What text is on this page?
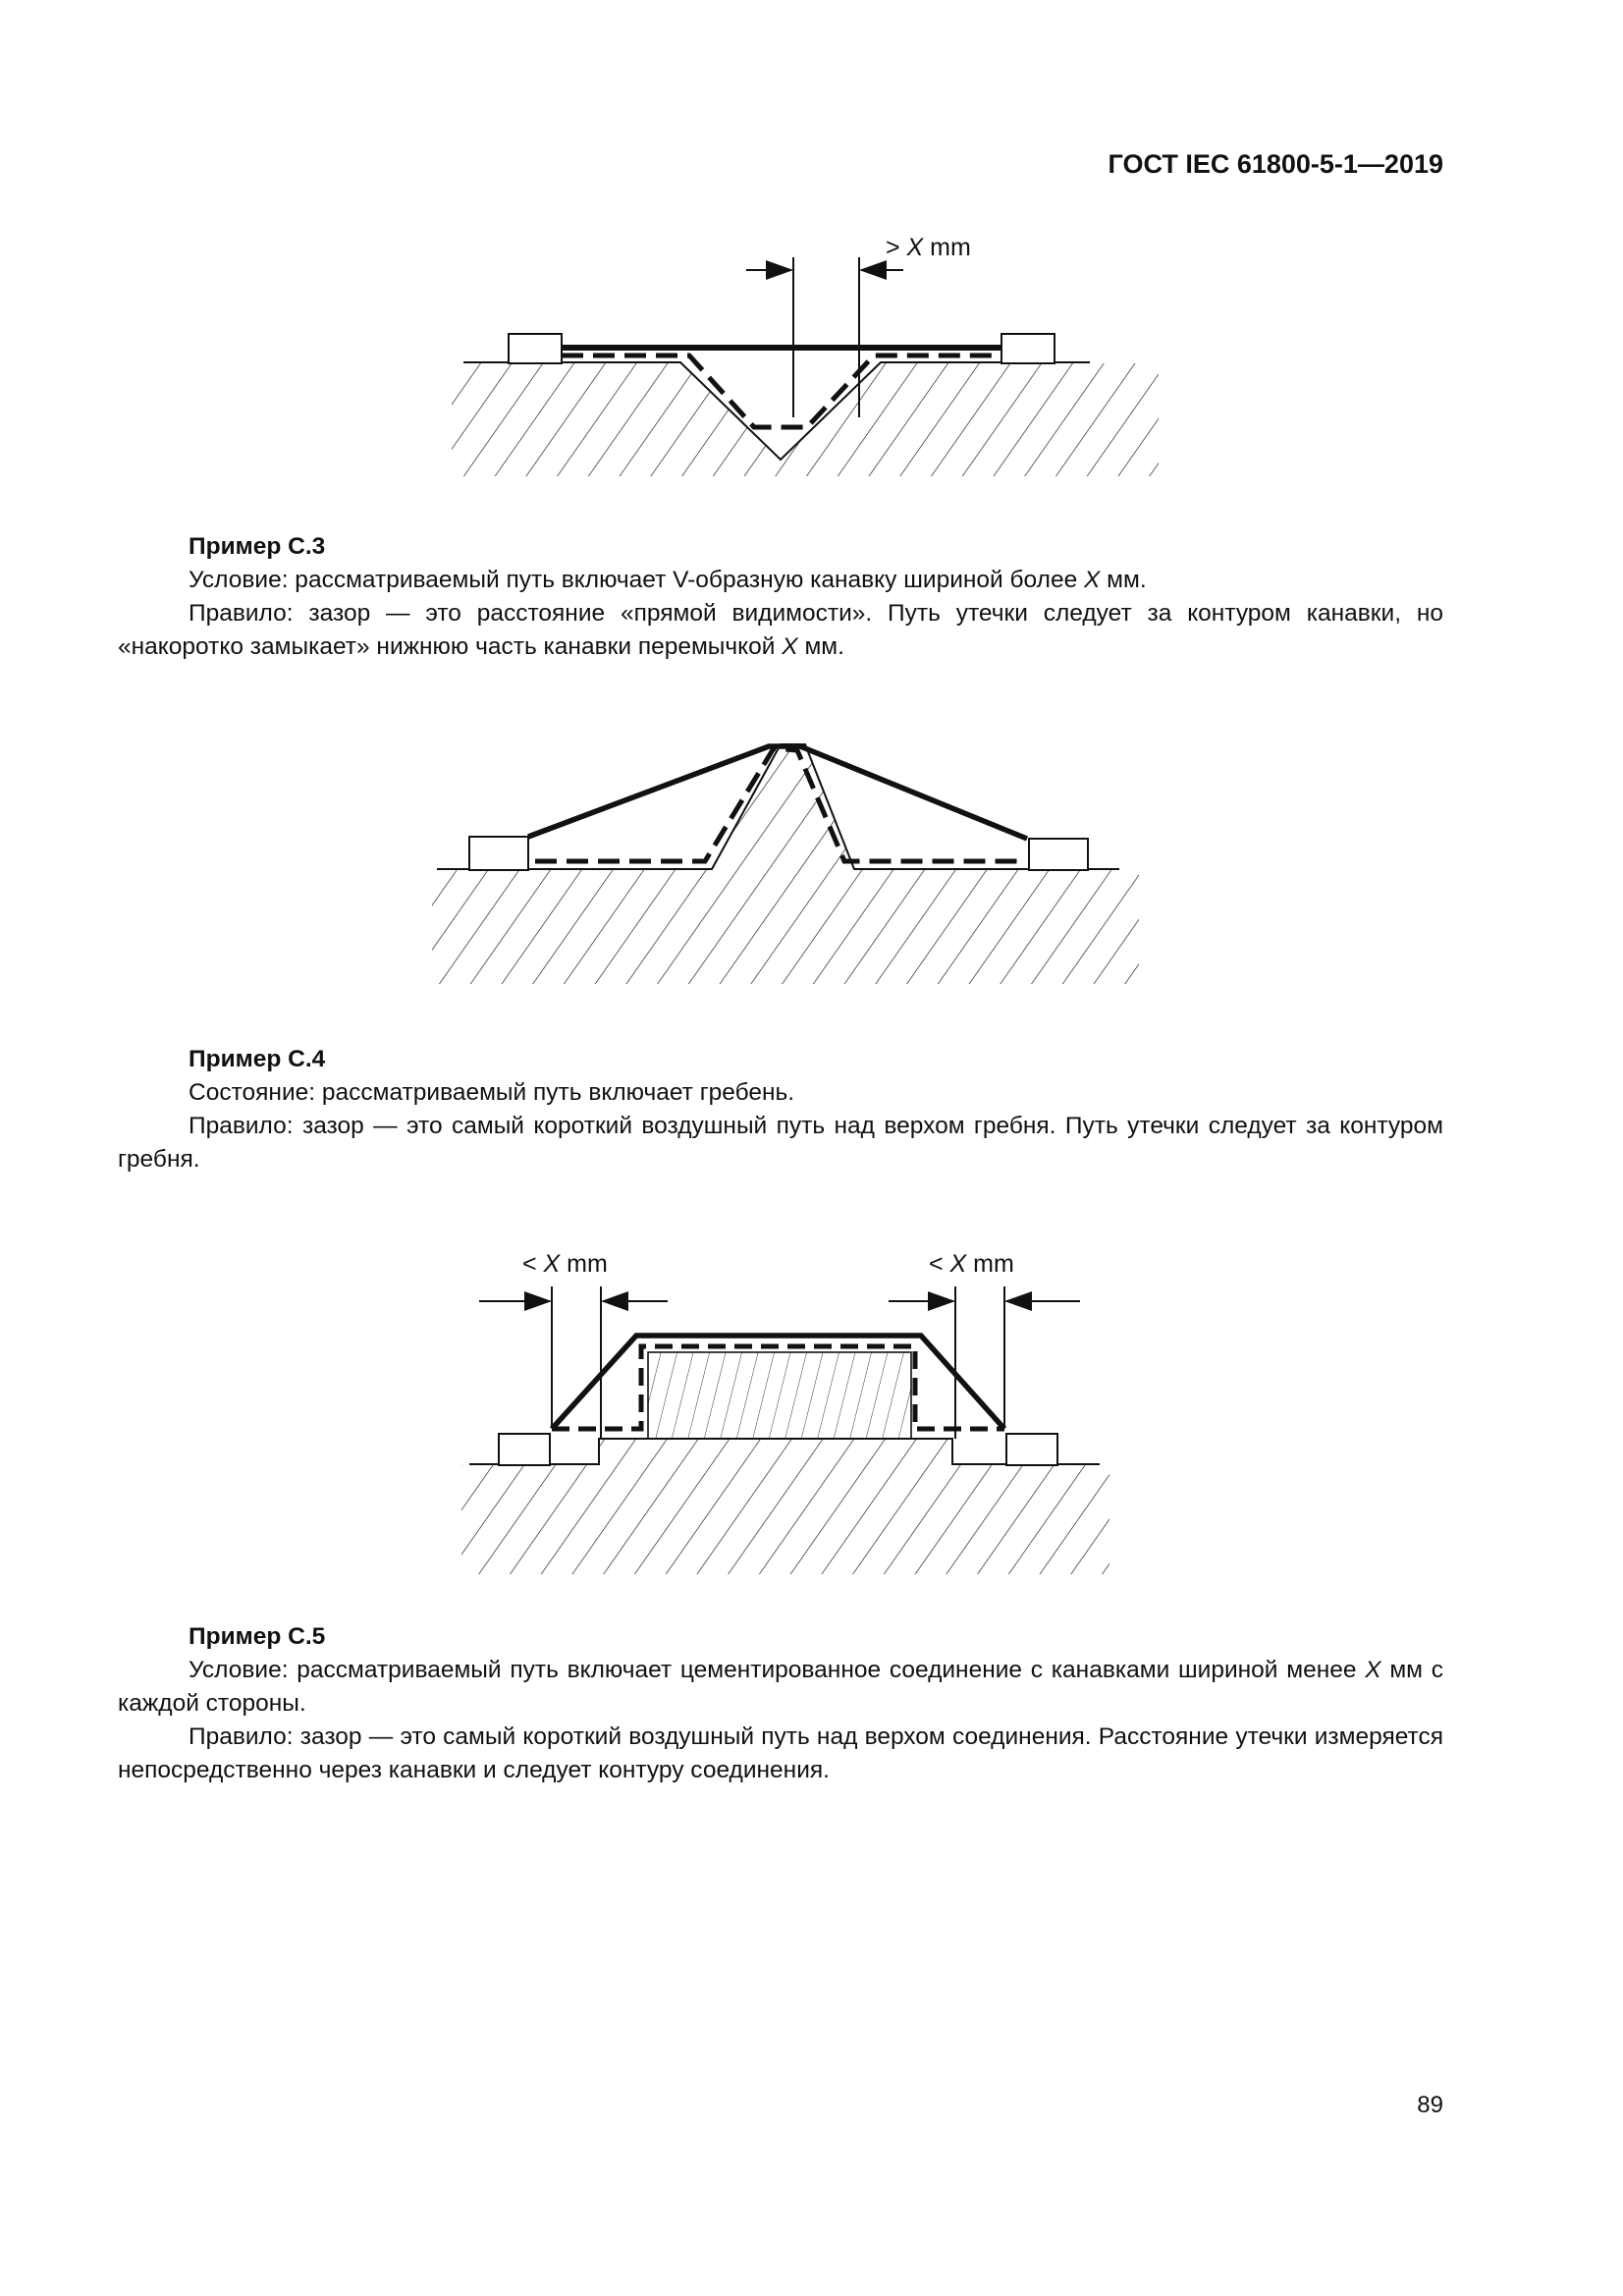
ГОСТ IEC 61800-5-1—2019
> X mm

Пример С.3

Условие: рассматриваемый путь включает V-образную канавку шириной более X мм.

Правило: зазор — это расстояние «прямой видимости». Путь утечки следует за контуром канавки, но «накоротко замыкает» нижнюю часть канавки перемычкой X мм.

Пример С.4

Состояние: рассматриваемый путь включает гребень.

Правило: зазор — это самый короткий воздушный путь над верхом гребня. Путь утечки следует за контуром гребня.

< X mm	< X mm

Пример С.5

Условие: рассматриваемый путь включает цементированное соединение с канавками шириной менее X мм с каждой стороны.

Правило: зазор — это самый короткий воздушный путь над верхом соединения. Расстояние утечки измеряется непосредственно через канавки и следует контуру соединения.

89
